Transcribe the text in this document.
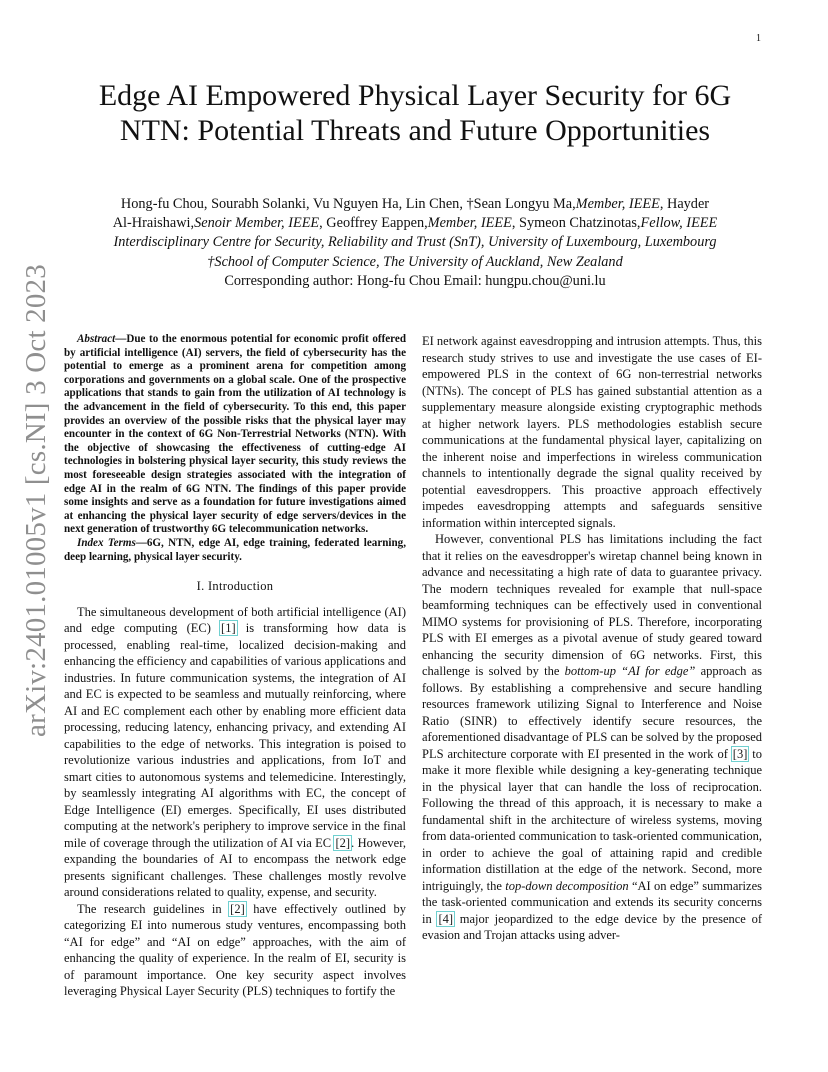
1
arXiv:2401.01005v1 [cs.NI] 3 Oct 2023
Edge AI Empowered Physical Layer Security for 6G NTN: Potential Threats and Future Opportunities
Hong-fu Chou, Sourabh Solanki, Vu Nguyen Ha, Lin Chen, †Sean Longyu Ma,Member, IEEE, Hayder
Al-Hraishawi,Senoir Member, IEEE, Geoffrey Eappen,Member, IEEE, Symeon Chatzinotas,Fellow, IEEE
Interdisciplinary Centre for Security, Reliability and Trust (SnT), University of Luxembourg, Luxembourg
†School of Computer Science, The University of Auckland, New Zealand
Corresponding author: Hong-fu Chou Email: hungpu.chou@uni.lu

Abstract—Due to the enormous potential for economic profit offered by artificial intelligence (AI) servers, the field of cybersecurity has the potential to emerge as a prominent arena for competition among corporations and governments on a global scale. One of the prospective applications that stands to gain from the utilization of AI technology is the advancement in the field of cybersecurity. To this end, this paper provides an overview of the possible risks that the physical layer may encounter in the context of 6G Non-Terrestrial Networks (NTN). With the objective of showcasing the effectiveness of cutting-edge AI technologies in bolstering physical layer security, this study reviews the most foreseeable design strategies associated with the integration of edge AI in the realm of 6G NTN. The findings of this paper provide some insights and serve as a foundation for future investigations aimed at enhancing the physical layer security of edge servers/devices in the next generation of trustworthy 6G telecommunication networks.

Index Terms—6G, NTN, edge AI, edge training, federated learning, deep learning, physical layer security.

I. Introduction

The simultaneous development of both artificial intelligence (AI) and edge computing (EC) [1] is transforming how data is processed, enabling real-time, localized decision-making and enhancing the efficiency and capabilities of various applications and industries. In future communication systems, the integration of AI and EC is expected to be seamless and mutually reinforcing, where AI and EC complement each other by enabling more efficient data processing, reducing latency, enhancing privacy, and extending AI capabilities to the edge of networks. This integration is poised to revolutionize various industries and applications, from IoT and smart cities to autonomous systems and telemedicine. Interestingly, by seamlessly integrating AI algorithms with EC, the concept of Edge Intelligence (EI) emerges. Specifically, EI uses distributed computing at the network's periphery to improve service in the final mile of coverage through the utilization of AI via EC [2]. However, expanding the boundaries of AI to encompass the network edge presents significant challenges. These challenges mostly revolve around considerations related to quality, expense, and security.

The research guidelines in [2] have effectively outlined by categorizing EI into numerous study ventures, encompassing both “AI for edge” and “AI on edge” approaches, with the aim of enhancing the quality of experience. In the realm of EI, security is of paramount importance. One key security aspect involves leveraging Physical Layer Security (PLS) techniques to fortify the

EI network against eavesdropping and intrusion attempts. Thus, this research study strives to use and investigate the use cases of EI-empowered PLS in the context of 6G non-terrestrial networks (NTNs). The concept of PLS has gained substantial attention as a supplementary measure alongside existing cryptographic methods at higher network layers. PLS methodologies establish secure communications at the fundamental physical layer, capitalizing on the inherent noise and imperfections in wireless communication channels to intentionally degrade the signal quality received by potential eavesdroppers. This proactive approach effectively impedes eavesdropping attempts and safeguards sensitive information within intercepted signals.

However, conventional PLS has limitations including the fact that it relies on the eavesdropper's wiretap channel being known in advance and necessitating a high rate of data to guarantee privacy. The modern techniques revealed for example that null-space beamforming techniques can be effectively used in conventional MIMO systems for provisioning of PLS. Therefore, incorporating PLS with EI emerges as a pivotal avenue of study geared toward enhancing the security dimension of 6G networks. First, this challenge is solved by the bottom-up “AI for edge” approach as follows. By establishing a comprehensive and secure handling resources framework utilizing Signal to Interference and Noise Ratio (SINR) to effectively identify secure resources, the aforementioned disadvantage of PLS can be solved by the proposed PLS architecture corporate with EI presented in the work of [3] to make it more flexible while designing a key-generating technique in the physical layer that can handle the loss of reciprocation. Following the thread of this approach, it is necessary to make a fundamental shift in the architecture of wireless systems, moving from data-oriented communication to task-oriented communication, in order to achieve the goal of attaining rapid and credible information distillation at the edge of the network. Second, more intriguingly, the top-down decomposition “AI on edge” summarizes the task-oriented communication and extends its security concerns in [4] major jeopardized to the edge device by the presence of evasion and Trojan attacks using adver-
